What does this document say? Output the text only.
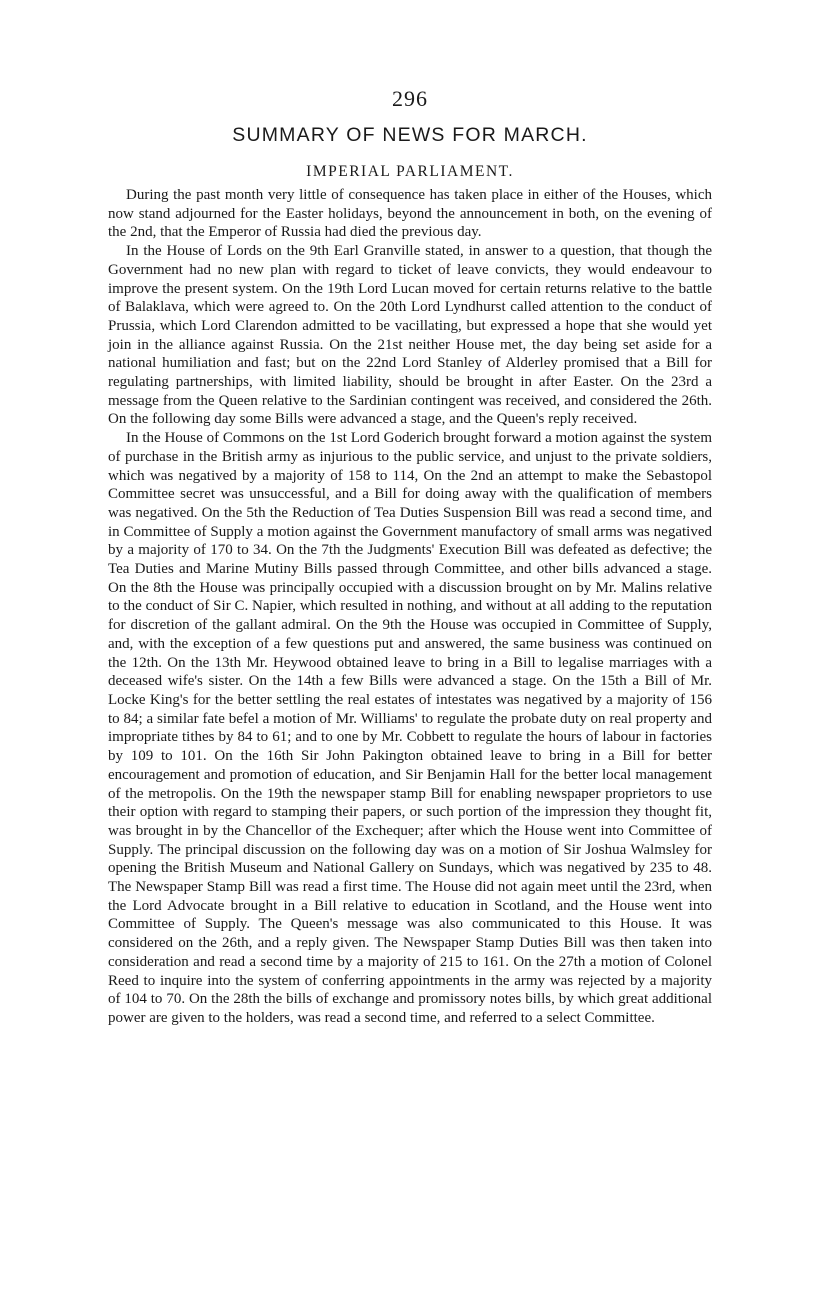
296
SUMMARY OF NEWS FOR MARCH.
IMPERIAL PARLIAMENT.

During the past month very little of consequence has taken place in either of the Houses, which now stand adjourned for the Easter holidays, beyond the announcement in both, on the evening of the 2nd, that the Emperor of Russia had died the previous day.

In the House of Lords on the 9th Earl Granville stated, in answer to a question, that though the Government had no new plan with regard to ticket of leave convicts, they would endeavour to improve the present system. On the 19th Lord Lucan moved for certain returns relative to the battle of Balaklava, which were agreed to. On the 20th Lord Lyndhurst called attention to the conduct of Prussia, which Lord Clarendon admitted to be vacillating, but expressed a hope that she would yet join in the alliance against Russia. On the 21st neither House met, the day being set aside for a national humiliation and fast; but on the 22nd Lord Stanley of Alderley promised that a Bill for regulating partnerships, with limited liability, should be brought in after Easter. On the 23rd a message from the Queen relative to the Sardinian contingent was received, and considered the 26th. On the following day some Bills were advanced a stage, and the Queen's reply received.

In the House of Commons on the 1st Lord Goderich brought forward a motion against the system of purchase in the British army as injurious to the public service, and unjust to the private soldiers, which was negatived by a majority of 158 to 114, On the 2nd an attempt to make the Sebastopol Committee secret was unsuccessful, and a Bill for doing away with the qualification of members was negatived. On the 5th the Reduction of Tea Duties Suspension Bill was read a second time, and in Committee of Supply a motion against the Government manufactory of small arms was negatived by a majority of 170 to 34. On the 7th the Judgments' Execution Bill was defeated as defective; the Tea Duties and Marine Mutiny Bills passed through Committee, and other bills advanced a stage. On the 8th the House was principally occupied with a discussion brought on by Mr. Malins relative to the conduct of Sir C. Napier, which resulted in nothing, and without at all adding to the reputation for discretion of the gallant admiral. On the 9th the House was occupied in Committee of Supply, and, with the exception of a few questions put and answered, the same business was continued on the 12th. On the 13th Mr. Heywood obtained leave to bring in a Bill to legalise marriages with a deceased wife's sister. On the 14th a few Bills were advanced a stage. On the 15th a Bill of Mr. Locke King's for the better settling the real estates of intestates was negatived by a majority of 156 to 84; a similar fate befel a motion of Mr. Williams' to regulate the probate duty on real property and impropriate tithes by 84 to 61; and to one by Mr. Cobbett to regulate the hours of labour in factories by 109 to 101. On the 16th Sir John Pakington obtained leave to bring in a Bill for better encouragement and promotion of education, and Sir Benjamin Hall for the better local management of the metropolis. On the 19th the newspaper stamp Bill for enabling newspaper proprietors to use their option with regard to stamping their papers, or such portion of the impression they thought fit, was brought in by the Chancellor of the Exchequer; after which the House went into Committee of Supply. The principal discussion on the following day was on a motion of Sir Joshua Walmsley for opening the British Museum and National Gallery on Sundays, which was negatived by 235 to 48. The Newspaper Stamp Bill was read a first time. The House did not again meet until the 23rd, when the Lord Advocate brought in a Bill relative to education in Scotland, and the House went into Committee of Supply. The Queen's message was also communicated to this House. It was considered on the 26th, and a reply given. The Newspaper Stamp Duties Bill was then taken into consideration and read a second time by a majority of 215 to 161. On the 27th a motion of Colonel Reed to inquire into the system of conferring appointments in the army was rejected by a majority of 104 to 70. On the 28th the bills of exchange and promissory notes bills, by which great additional power are given to the holders, was read a second time, and referred to a select Committee.
